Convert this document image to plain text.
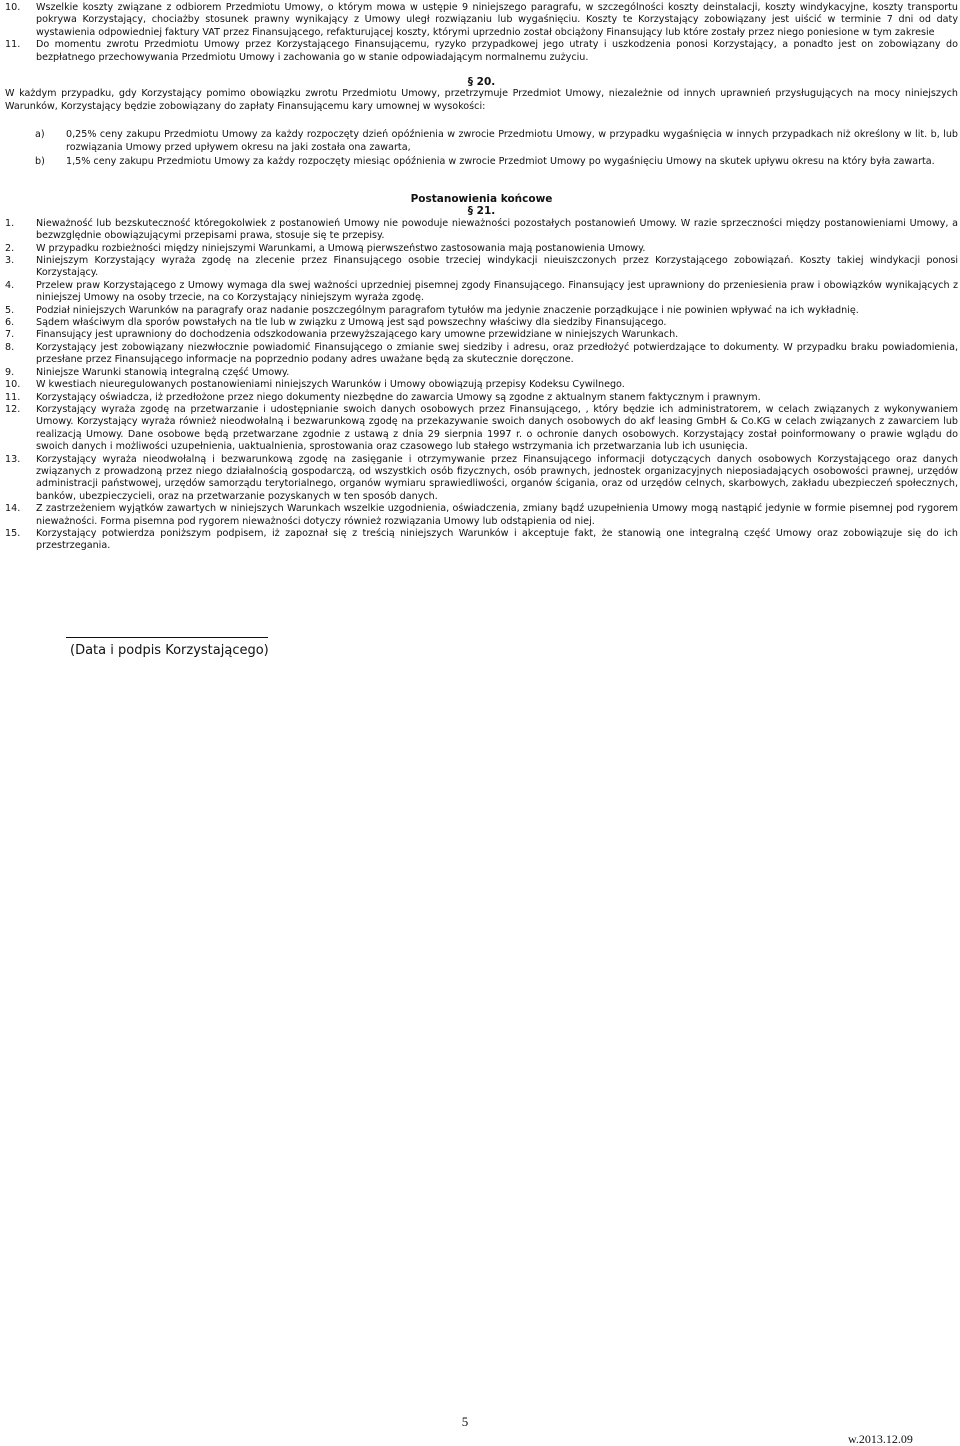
10. Wszelkie koszty związane z odbiorem Przedmiotu Umowy, o którym mowa w ustępie 9 niniejszego paragrafu, w szczególności koszty deinstalacji, koszty windykacyjne, koszty transportu pokrywa Korzystający, chociażby stosunek prawny wynikający z Umowy uległ rozwiązaniu lub wygaśnięciu. Koszty te Korzystający zobowiązany jest uiścić w terminie 7 dni od daty wystawienia odpowiedniej faktury VAT przez Finansującego, refakturującej koszty, którymi uprzednio został obciążony Finansujący lub które zostały przez niego poniesione w tym zakresie
11. Do momentu zwrotu Przedmiotu Umowy przez Korzystającego Finansującemu, ryzyko przypadkowej jego utraty i uszkodzenia ponosi Korzystający, a ponadto jest on zobowiązany do bezpłatnego przechowywania Przedmiotu Umowy i zachowania go w stanie odpowiadającym normalnemu zużyciu.
§ 20.
W każdym przypadku, gdy Korzystający pomimo obowiązku zwrotu Przedmiotu Umowy, przetrzymuje Przedmiot Umowy, niezależnie od innych uprawnień przysługujących na mocy niniejszych Warunków, Korzystający będzie zobowiązany do zapłaty Finansującemu kary umownej w wysokości:
a) 0,25% ceny zakupu Przedmiotu Umowy za każdy rozpoczęty dzień opóźnienia w zwrocie Przedmiotu Umowy, w przypadku wygaśnięcia w innych przypadkach niż określony w lit. b, lub rozwiązania Umowy przed upływem okresu na jaki została ona zawarta,
b) 1,5% ceny zakupu Przedmiotu Umowy za każdy rozpoczęty miesiąc opóźnienia w zwrocie Przedmiot Umowy po wygaśnięciu Umowy na skutek upływu okresu na który była zawarta.
Postanowienia końcowe
§ 21.
1. Nieważność lub bezskuteczność któregokolwiek z postanowień Umowy nie powoduje nieważności pozostałych postanowień Umowy. W razie sprzeczności między postanowieniami Umowy, a bezwzględnie obowiązującymi przepisami prawa, stosuje się te przepisy.
2. W przypadku rozbieżności między niniejszymi Warunkami, a Umową pierwszeństwo zastosowania mają postanowienia Umowy.
3. Niniejszym Korzystający wyraża zgodę na zlecenie przez Finansującego osobie trzeciej windykacji nieuiszczonych przez Korzystającego zobowiązań. Koszty takiej windykacji ponosi Korzystający.
4. Przelew praw Korzystającego z Umowy wymaga dla swej ważności uprzedniej pisemnej zgody Finansującego. Finansujący jest uprawniony do przeniesienia praw i obowiązków wynikających z niniejszej Umowy na osoby trzecie, na co Korzystający niniejszym wyraża zgodę.
5. Podział niniejszych Warunków na paragrafy oraz nadanie poszczególnym paragrafom tytułów ma jedynie znaczenie porządkujące i nie powinien wpływać na ich wykładnię.
6. Sądem właściwym dla sporów powstałych na tle lub w związku z Umową jest sąd powszechny właściwy dla siedziby Finansującego.
7. Finansujący jest uprawniony do dochodzenia odszkodowania przewyższającego kary umowne przewidziane w niniejszych Warunkach.
8. Korzystający jest zobowiązany niezwłocznie powiadomić Finansującego o zmianie swej siedziby i adresu, oraz przedłożyć potwierdzające to dokumenty. W przypadku braku powiadomienia, przesłane przez Finansującego informacje na poprzednio podany adres uważane będą za skutecznie doręczone.
9. Niniejsze Warunki stanowią integralną część Umowy.
10. W kwestiach nieuregulowanych postanowieniami niniejszych Warunków i Umowy obowiązują przepisy Kodeksu Cywilnego.
11. Korzystający oświadcza, iż przedłożone przez niego dokumenty niezbędne do zawarcia Umowy są zgodne z aktualnym stanem faktycznym i prawnym.
12. Korzystający wyraża zgodę na przetwarzanie i udostępnianie swoich danych osobowych przez Finansującego, , który będzie ich administratorem, w celach związanych z wykonywaniem Umowy. Korzystający wyraża również nieodwołalną i bezwarunkową zgodę na przekazywanie swoich danych osobowych do akf leasing GmbH & Co.KG w celach związanych z zawarciem lub realizacją Umowy. Dane osobowe będą przetwarzane zgodnie z ustawą z dnia 29 sierpnia 1997 r. o ochronie danych osobowych. Korzystający został poinformowany o prawie wglądu do swoich danych i możliwości uzupełnienia, uaktualnienia, sprostowania oraz czasowego lub stałego wstrzymania ich przetwarzania lub ich usunięcia.
13. Korzystający wyraża nieodwołalną i bezwarunkową zgodę na zasięganie i otrzymywanie przez Finansującego informacji dotyczących danych osobowych Korzystającego oraz danych związanych z prowadzoną przez niego działalnością gospodarczą, od wszystkich osób fizycznych, osób prawnych, jednostek organizacyjnych nieposiadających osobowości prawnej, urzędów administracji państwowej, urzędów samorządu terytorialnego, organów wymiaru sprawiedliwości, organów ścigania, oraz od urzędów celnych, skarbowych, zakładu ubezpieczeń społecznych, banków, ubezpieczycieli, oraz na przetwarzanie pozyskanych w ten sposób danych.
14. Z zastrzeżeniem wyjątków zawartych w niniejszych Warunkach wszelkie uzgodnienia, oświadczenia, zmiany bądź uzupełnienia Umowy mogą nastąpić jedynie w formie pisemnej pod rygorem nieważności. Forma pisemna pod rygorem nieważności dotyczy również rozwiązania Umowy lub odstąpienia od niej.
15. Korzystający potwierdza poniższym podpisem, iż zapoznał się z treścią niniejszych Warunków i akceptuje fakt, że stanowią one integralną część Umowy oraz zobowiązuje się do ich przestrzegania.
(Data i podpis Korzystającego)
5
w.2013.12.09
